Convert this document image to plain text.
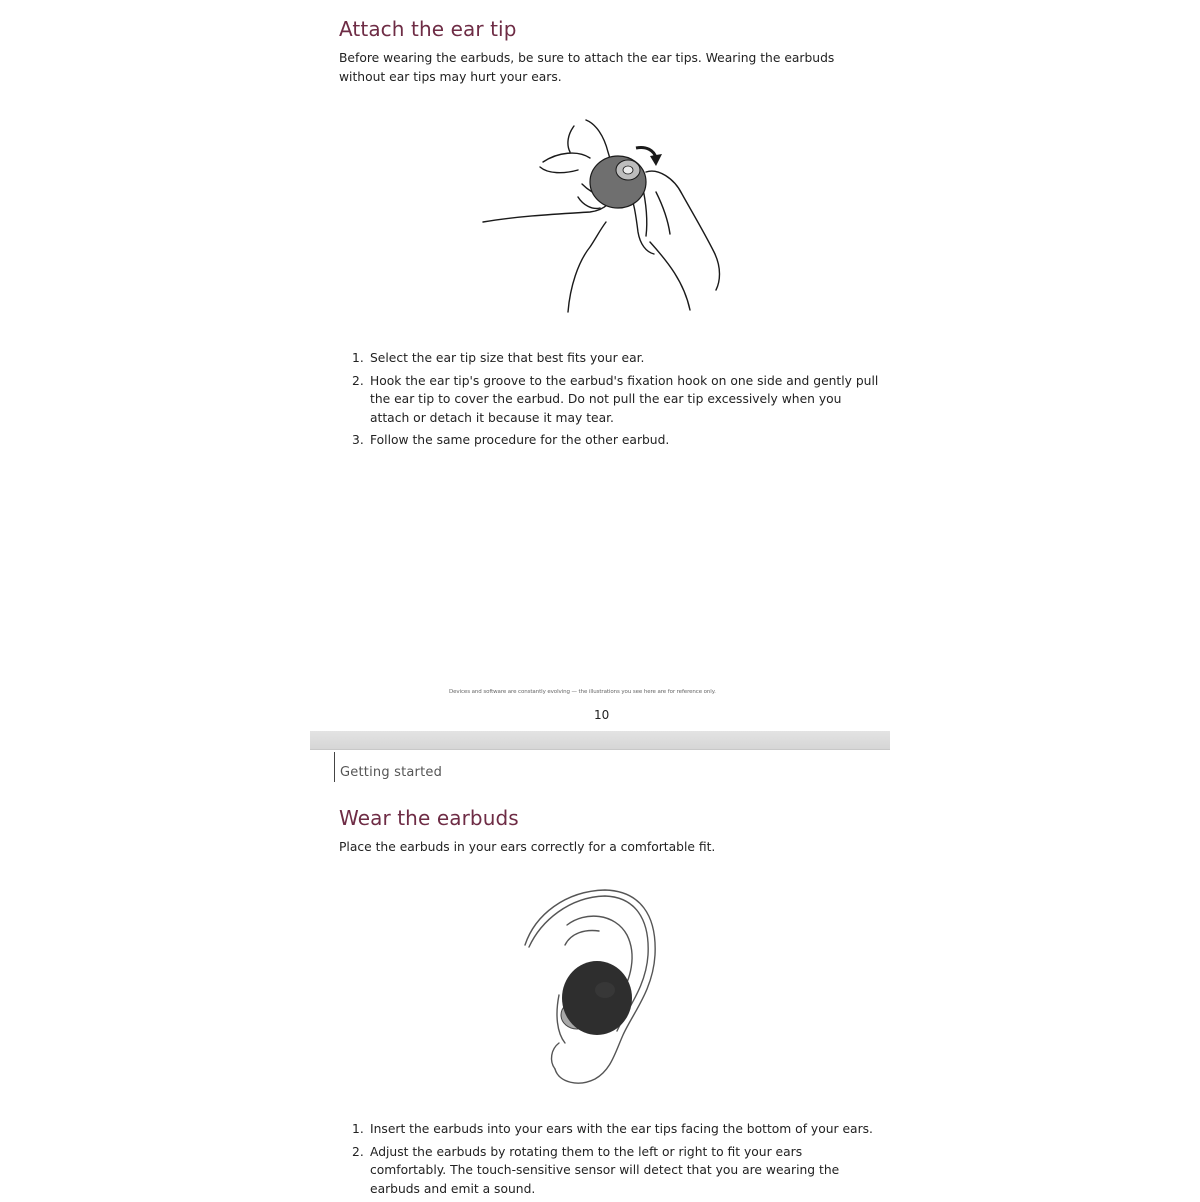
Attach the ear tip

Before wearing the earbuds, be sure to attach the ear tips. Wearing the earbuds without ear tips may hurt your ears.

1. Select the ear tip size that best fits your ear.
2. Hook the ear tip's groove to the earbud's fixation hook on one side and gently pull the ear tip to cover the earbud. Do not pull the ear tip excessively when you attach or detach it because it may tear.
3. Follow the same procedure for the other earbud.
Devices and software are constantly evolving — the illustrations you see here are for reference only.
10
Getting started
Wear the earbuds

Place the earbuds in your ears correctly for a comfortable fit.

1. Insert the earbuds into your ears with the ear tips facing the bottom of your ears.
2. Adjust the earbuds by rotating them to the left or right to fit your ears comfortably. The touch-sensitive sensor will detect that you are wearing the earbuds and emit a sound.
